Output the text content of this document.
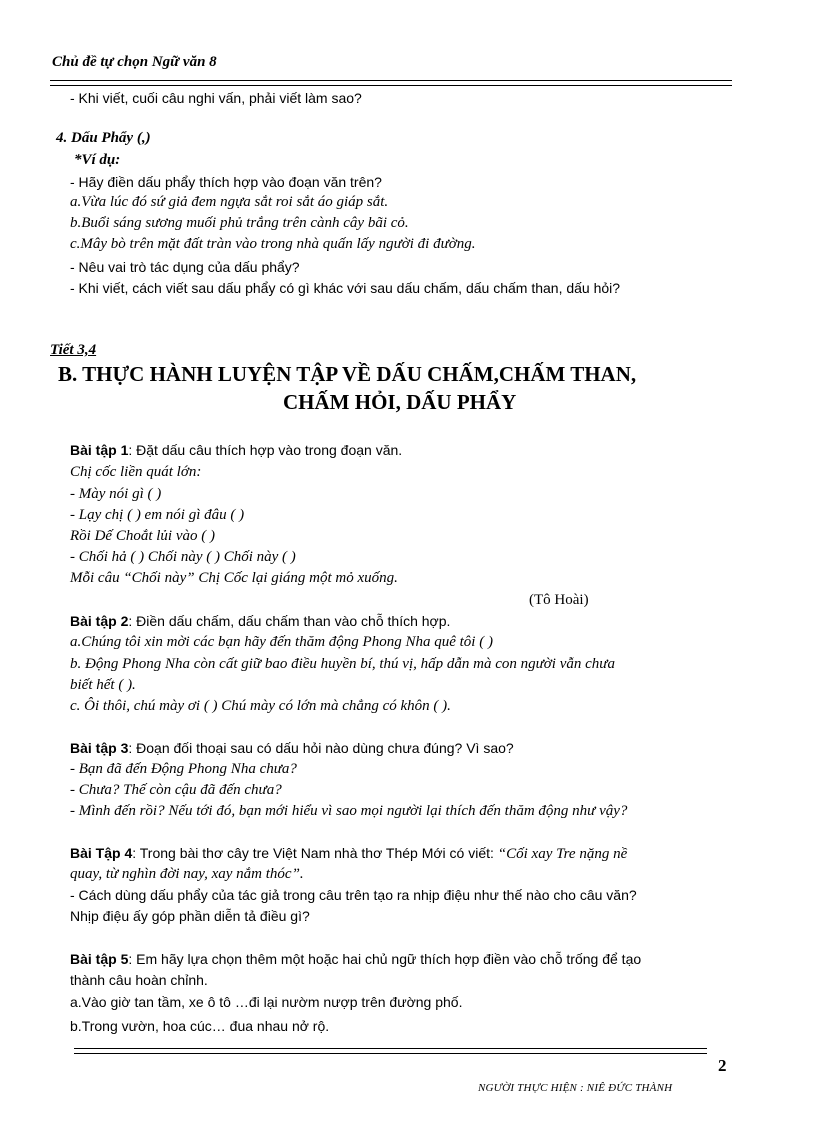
Chủ đề tự chọn Ngữ văn 8
- Khi viết, cuối câu nghi vấn, phải viết làm sao?
4. Dấu Phẩy (,)
*Ví dụ:
- Hãy điền dấu phẩy thích hợp vào đoạn văn trên?
a.Vừa lúc đó sứ giả đem ngựa sắt roi sắt áo giáp sắt.
b.Buổi sáng sương muối phủ trắng trên cành cây bãi cỏ.
c.Mây bò trên mặt đất tràn vào trong nhà quấn lấy người đi đường.
- Nêu vai trò tác dụng của dấu phẩy?
- Khi viết, cách viết sau dấu phẩy có gì khác với sau dấu chấm, dấu chấm than, dấu hỏi?
Tiết 3,4
B. THỰC HÀNH LUYỆN TẬP VỀ DẤU CHẤM,CHẤM THAN,
CHẤM HỎI, DẤU PHẨY
Bài tập 1: Đặt dấu câu thích hợp vào trong đoạn văn.
Chị cốc liền quát lớn:
- Mày nói gì ( )
- Lạy chị ( ) em nói gì đâu ( )
Rồi Dế Choắt lủi vào ( )
- Chối hả ( ) Chối này ( ) Chối này ( )
Mỗi câu “Chối này” Chị Cốc lại giáng một mỏ xuống.
(Tô Hoài)
Bài tập 2: Điền dấu chấm, dấu chấm than vào chỗ thích hợp.
a.Chúng tôi xin mời các bạn hãy đến thăm động Phong Nha quê tôi ( )
b. Động Phong Nha còn cất giữ bao điều huyền bí, thú vị, hấp dẫn mà con người vẫn chưa
biết hết ( ).
c. Ôi thôi, chú mày ơi ( ) Chú mày có lớn mà chẳng có khôn ( ).
Bài tập 3: Đoạn đối thoại sau có dấu hỏi nào dùng chưa đúng? Vì sao?
- Bạn đã đến Động Phong Nha chưa?
- Chưa? Thế còn cậu đã đến chưa?
- Mình đến rồi? Nếu tới đó, bạn mới hiểu vì sao mọi người lại thích đến thăm động như vậy?
Bài Tập 4: Trong bài thơ cây tre Việt Nam nhà thơ Thép Mới có viết: “Cối xay Tre nặng nề
quay, từ nghìn đời nay, xay nắm thóc”.
- Cách dùng dấu phẩy của tác giả trong câu trên tạo ra nhịp điệu như thế nào cho câu văn?
Nhịp điệu ấy góp phần diễn tả điều gì?
Bài tập 5: Em hãy lựa chọn thêm một hoặc hai chủ ngữ thích hợp điền vào chỗ trống để tạo
thành câu hoàn chỉnh.
a.Vào giờ tan tầm, xe ô tô …đi lại nườm nượp trên đường phố.
b.Trong vườn, hoa cúc… đua nhau nở rộ.
2
NGƯỜI THỰC HIỆN : NIÊ ĐỨC THÀNH
